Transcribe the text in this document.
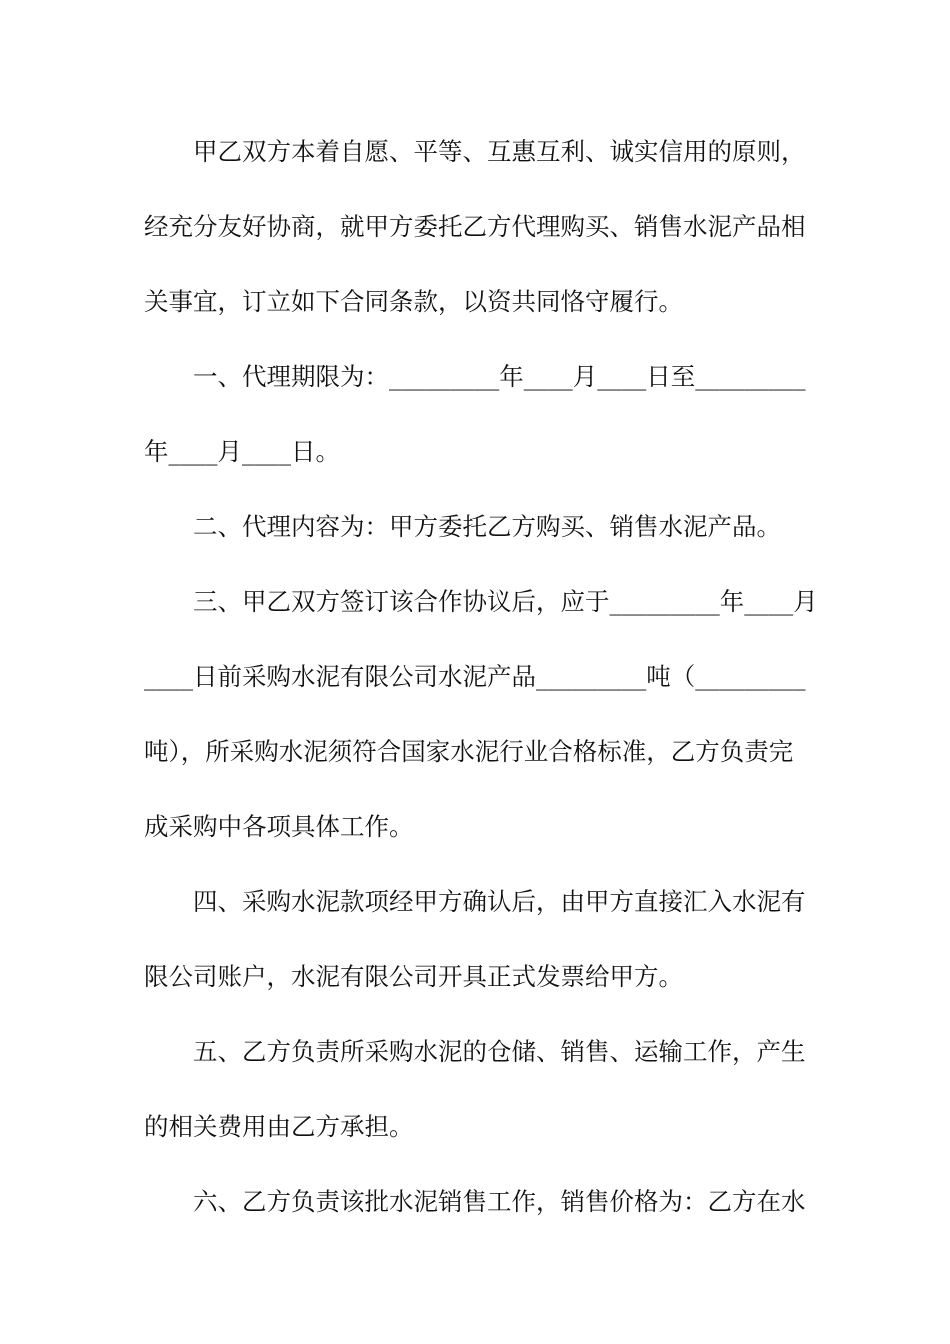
甲乙双方本着自愿、平等、互惠互利、诚实信用的原则，
经充分友好协商，就甲方委托乙方代理购买、销售水泥产品相
关事宜，订立如下合同条款，以资共同恪守履行。
一、代理期限为：_________年____月____日至_________
年____月____日。
二、代理内容为：甲方委托乙方购买、销售水泥产品。
三、甲乙双方签订该合作协议后，应于_________年____月
____日前采购水泥有限公司水泥产品_________吨（_________
吨），所采购水泥须符合国家水泥行业合格标准，乙方负责完
成采购中各项具体工作。
四、采购水泥款项经甲方确认后，由甲方直接汇入水泥有
限公司账户，水泥有限公司开具正式发票给甲方。
五、乙方负责所采购水泥的仓储、销售、运输工作，产生
的相关费用由乙方承担。
六、乙方负责该批水泥销售工作，销售价格为：乙方在水
